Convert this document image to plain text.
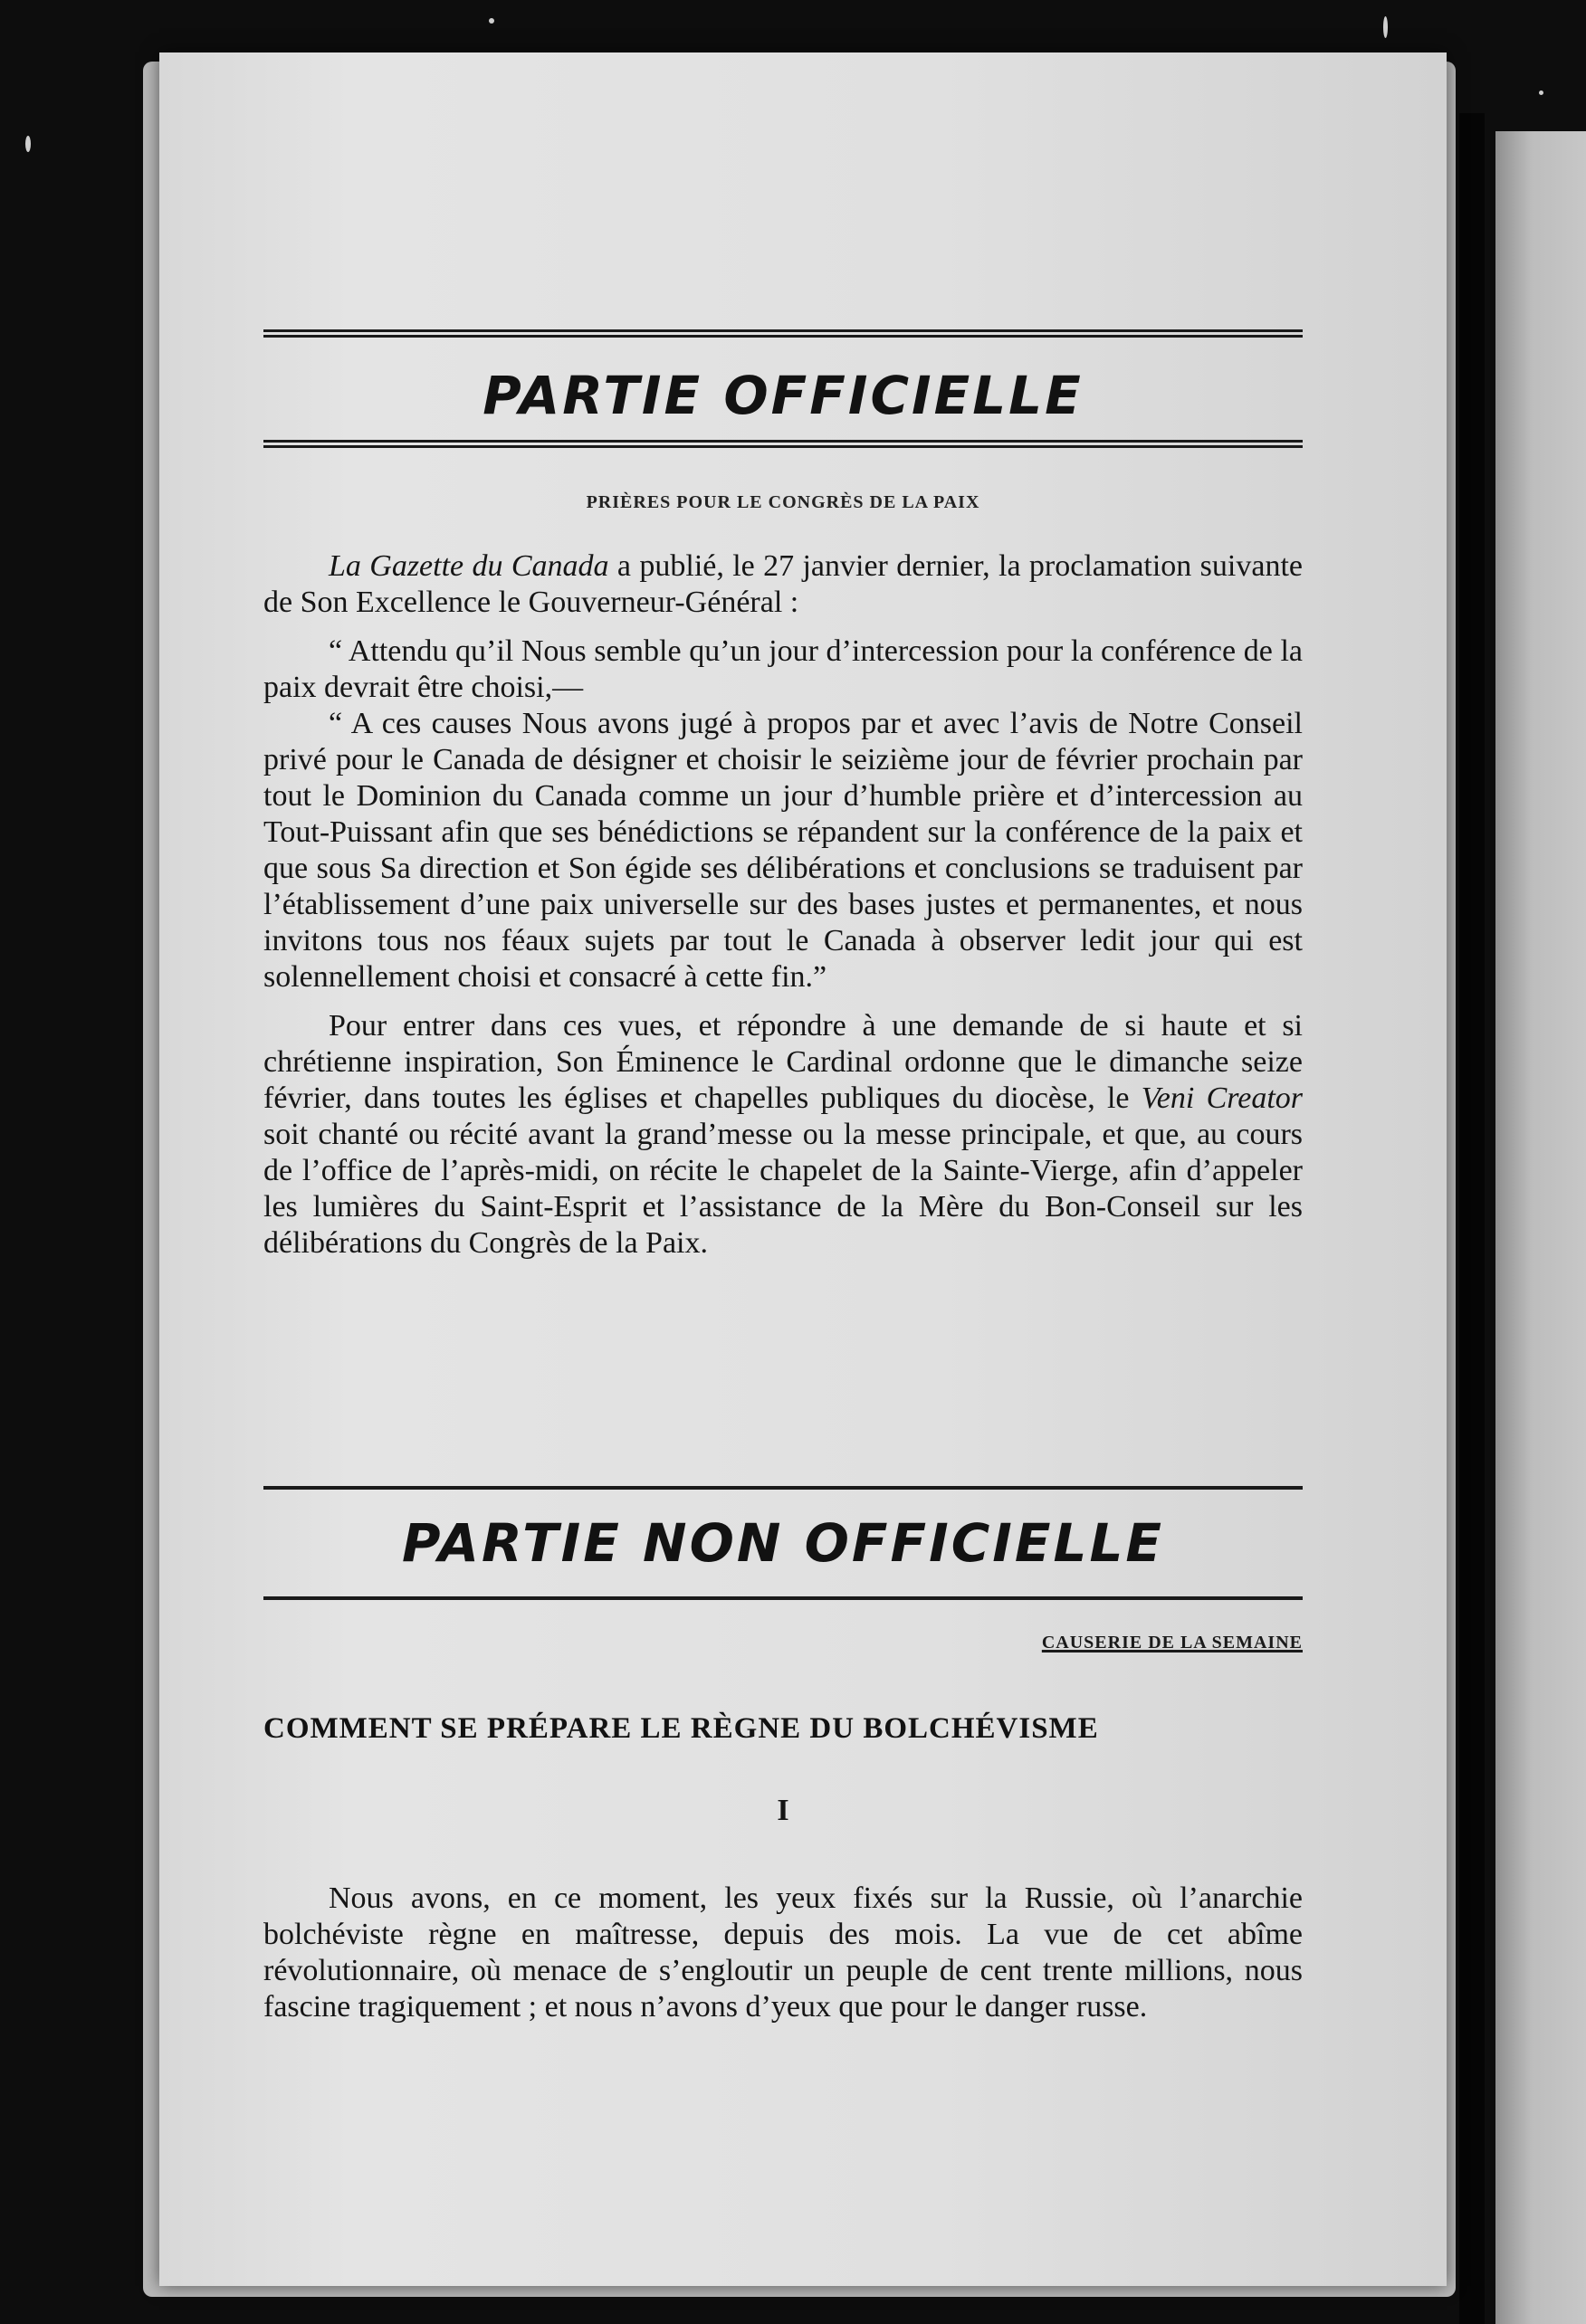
PARTIE OFFICIELLE
PRIÈRES POUR LE CONGRÈS DE LA PAIX

La Gazette du Canada a publié, le 27 janvier dernier, la proclamation suivante de Son Excellence le Gouverneur-Général :

“ Attendu qu’il Nous semble qu’un jour d’intercession pour la conférence de la paix devrait être choisi,—

“ A ces causes Nous avons jugé à propos par et avec l’avis de Notre Conseil privé pour le Canada de désigner et choisir le seizième jour de février prochain par tout le Dominion du Canada comme un jour d’humble prière et d’intercession au Tout-Puissant afin que ses bénédictions se répandent sur la conférence de la paix et que sous Sa direction et Son égide ses délibérations et conclusions se traduisent par l’établissement d’une paix universelle sur des bases justes et permanentes, et nous invitons tous nos féaux sujets par tout le Canada à observer ledit jour qui est solennellement choisi et consacré à cette fin.”

Pour entrer dans ces vues, et répondre à une demande de si haute et si chrétienne inspiration, Son Éminence le Cardinal ordonne que le dimanche seize février, dans toutes les églises et chapelles publiques du diocèse, le Veni Creator soit chanté ou récité avant la grand’messe ou la messe principale, et que, au cours de l’office de l’après-midi, on récite le chapelet de la Sainte-Vierge, afin d’appeler les lumières du Saint-Esprit et l’assistance de la Mère du Bon-Conseil sur les délibérations du Congrès de la Paix.

PARTIE NON OFFICIELLE
CAUSERIE DE LA SEMAINE
COMMENT SE PRÉPARE LE RÈGNE DU BOLCHÉVISME
I

Nous avons, en ce moment, les yeux fixés sur la Russie, où l’anarchie bolchéviste règne en maîtresse, depuis des mois. La vue de cet abîme révolutionnaire, où menace de s’engloutir un peuple de cent trente millions, nous fascine tragiquement ; et nous n’avons d’yeux que pour le danger russe.
